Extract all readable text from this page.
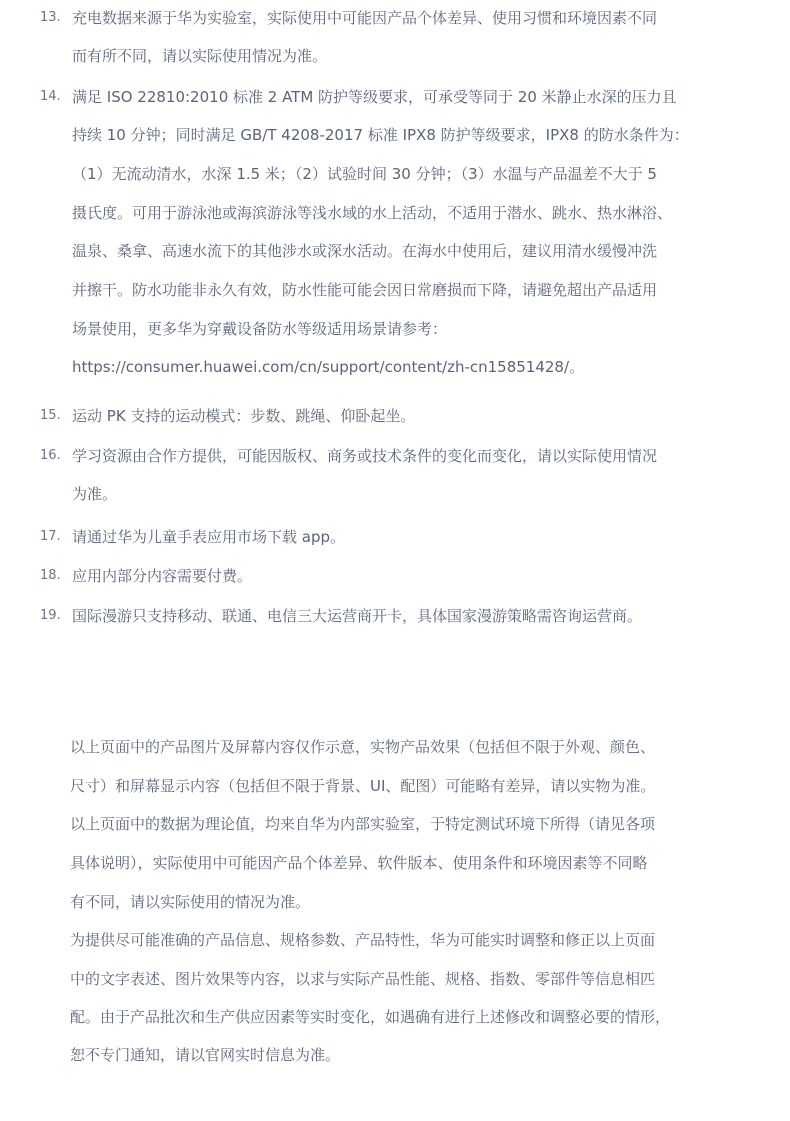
13. 充电数据来源于华为实验室，实际使用中可能因产品个体差异、使用习惯和环境因素不同
而有所不同，请以实际使用情况为准。
14. 满足 ISO 22810:2010 标准 2 ATM 防护等级要求，可承受等同于 20 米静止水深的压力且
持续 10 分钟；同时满足 GB/T 4208-2017 标准 IPX8 防护等级要求，IPX8 的防水条件为：
（1）无流动清水，水深 1.5 米；（2）试验时间 30 分钟；（3）水温与产品温差不大于 5
摄氏度。可用于游泳池或海滨游泳等浅水域的水上活动，不适用于潜水、跳水、热水淋浴、
温泉、桑拿、高速水流下的其他涉水或深水活动。在海水中使用后，建议用清水缓慢冲洗
并擦干。防水功能非永久有效，防水性能可能会因日常磨损而下降，请避免超出产品适用
场景使用，更多华为穿戴设备防水等级适用场景请参考：
https://consumer.huawei.com/cn/support/content/zh-cn15851428/。
15. 运动 PK 支持的运动模式：步数、跳绳、仰卧起坐。
16. 学习资源由合作方提供，可能因版权、商务或技术条件的变化而变化，请以实际使用情况
为准。
17. 请通过华为儿童手表应用市场下载 app。
18. 应用内部分内容需要付费。
19. 国际漫游只支持移动、联通、电信三大运营商开卡，具体国家漫游策略需咨询运营商。
以上页面中的产品图片及屏幕内容仅作示意，实物产品效果（包括但不限于外观、颜色、
尺寸）和屏幕显示内容（包括但不限于背景、UI、配图）可能略有差异，请以实物为准。
以上页面中的数据为理论值，均来自华为内部实验室，于特定测试环境下所得（请见各项
具体说明），实际使用中可能因产品个体差异、软件版本、使用条件和环境因素等不同略
有不同，请以实际使用的情况为准。
为提供尽可能准确的产品信息、规格参数、产品特性，华为可能实时调整和修正以上页面
中的文字表述、图片效果等内容，以求与实际产品性能、规格、指数、零部件等信息相匹
配。由于产品批次和生产供应因素等实时变化，如遇确有进行上述修改和调整必要的情形，
恕不专门通知，请以官网实时信息为准。
